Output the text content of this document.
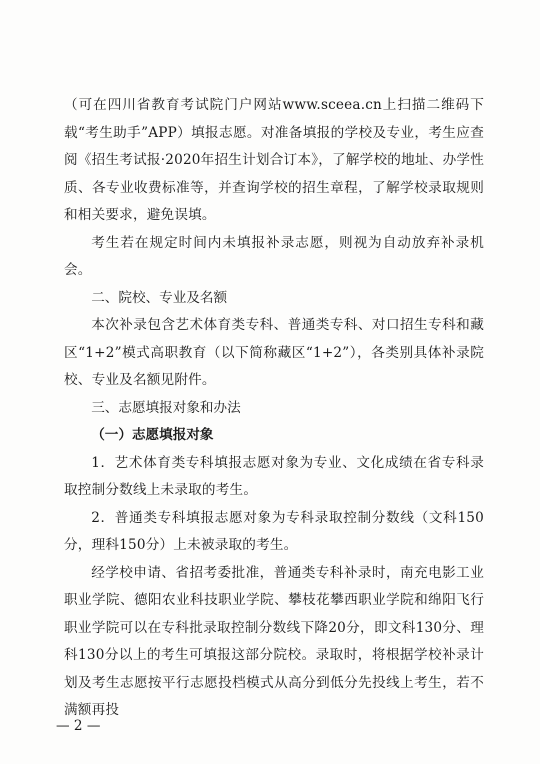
（可在四川省教育考试院门户网站www.sceea.cn上扫描二维码下载“考生助手”APP）填报志愿。对准备填报的学校及专业，考生应查阅《招生考试报·2020年招生计划合订本》，了解学校的地址、办学性质、各专业收费标准等，并查询学校的招生章程，了解学校录取规则和相关要求，避免误填。

考生若在规定时间内未填报补录志愿，则视为自动放弃补录机会。

二、院校、专业及名额

本次补录包含艺术体育类专科、普通类专科、对口招生专科和藏区“1+2”模式高职教育（以下简称藏区“1+2”），各类别具体补录院校、专业及名额见附件。

三、志愿填报对象和办法

（一）志愿填报对象

1．艺术体育类专科填报志愿对象为专业、文化成绩在省专科录取控制分数线上未录取的考生。

2．普通类专科填报志愿对象为专科录取控制分数线（文科150分，理科150分）上未被录取的考生。

经学校申请、省招考委批准，普通类专科补录时，南充电影工业职业学院、德阳农业科技职业学院、攀枝花攀西职业学院和绵阳飞行职业学院可以在专科批录取控制分数线下降20分，即文科130分、理科130分以上的考生可填报这部分院校。录取时，将根据学校补录计划及考生志愿按平行志愿投档模式从高分到低分先投线上考生，若不满额再投

— 2 —
